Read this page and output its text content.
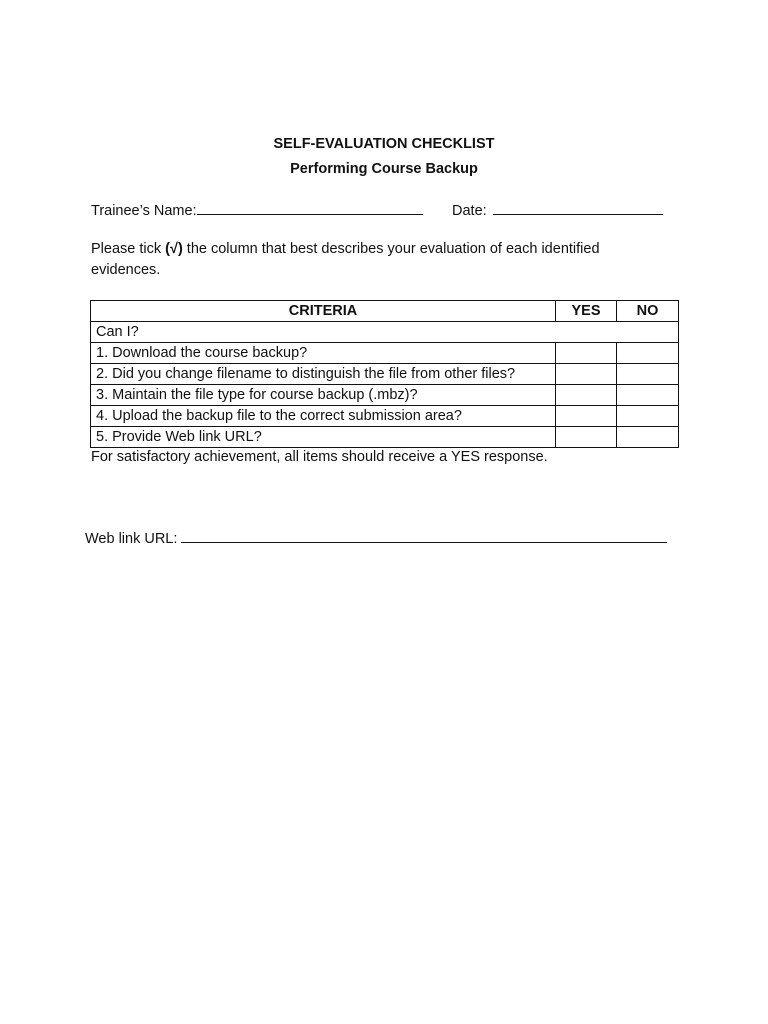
SELF-EVALUATION CHECKLIST
Performing Course Backup
Trainee’s Name:	Date:
Please tick (√) the column that best describes your evaluation of each identified evidences.
CRITERIA	YES	NO
Can I?		
1. Download the course backup?		
2. Did you change filename to distinguish the file from other files?		
3. Maintain the file type for course backup (.mbz)?		
4. Upload the backup file to the correct submission area?		
5. Provide Web link URL?		
For satisfactory achievement, all items should receive a YES response.
Web link URL:
